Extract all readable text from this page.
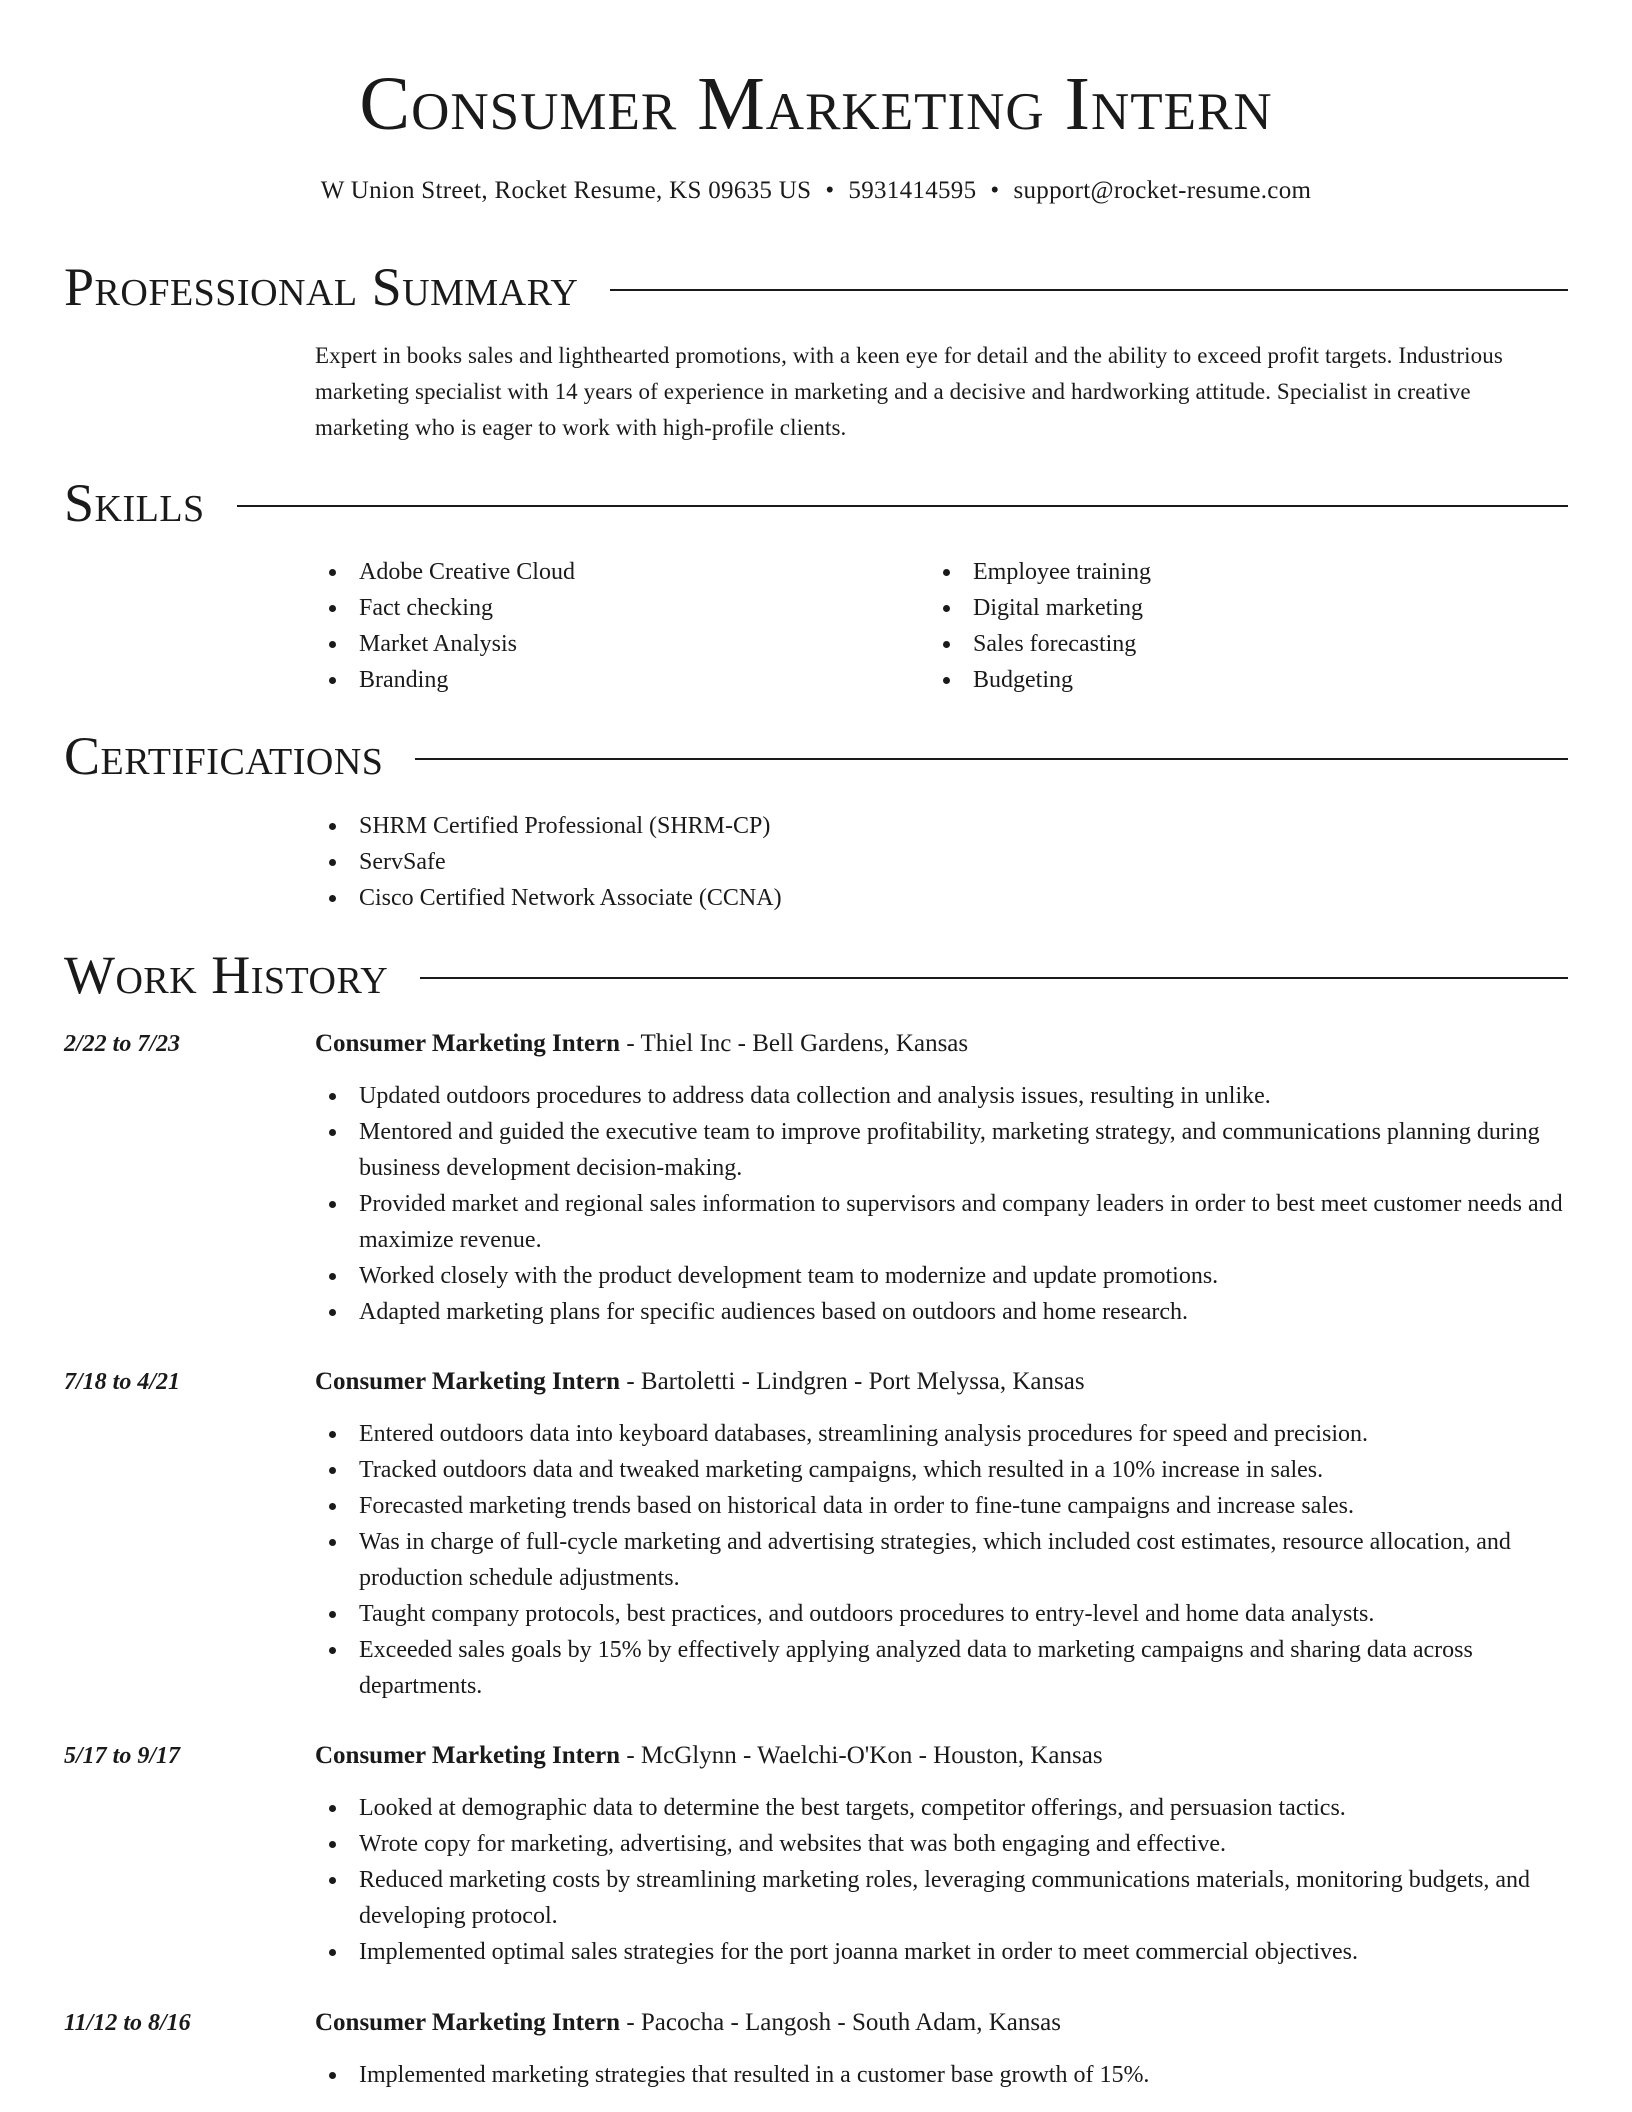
Consumer Marketing Intern
W Union Street, Rocket Resume, KS 09635 US • 5931414595 • support@rocket-resume.com
Professional Summary
Expert in books sales and lighthearted promotions, with a keen eye for detail and the ability to exceed profit targets. Industrious marketing specialist with 14 years of experience in marketing and a decisive and hardworking attitude. Specialist in creative marketing who is eager to work with high-profile clients.
Skills
Adobe Creative Cloud
Fact checking
Market Analysis
Branding
Employee training
Digital marketing
Sales forecasting
Budgeting
Certifications
SHRM Certified Professional (SHRM-CP)
ServSafe
Cisco Certified Network Associate (CCNA)
Work History
2/22 to 7/23	Consumer Marketing Intern - Thiel Inc - Bell Gardens, Kansas
Updated outdoors procedures to address data collection and analysis issues, resulting in unlike.
Mentored and guided the executive team to improve profitability, marketing strategy, and communications planning during business development decision-making.
Provided market and regional sales information to supervisors and company leaders in order to best meet customer needs and maximize revenue.
Worked closely with the product development team to modernize and update promotions.
Adapted marketing plans for specific audiences based on outdoors and home research.
7/18 to 4/21	Consumer Marketing Intern - Bartoletti - Lindgren - Port Melyssa, Kansas
Entered outdoors data into keyboard databases, streamlining analysis procedures for speed and precision.
Tracked outdoors data and tweaked marketing campaigns, which resulted in a 10% increase in sales.
Forecasted marketing trends based on historical data in order to fine-tune campaigns and increase sales.
Was in charge of full-cycle marketing and advertising strategies, which included cost estimates, resource allocation, and production schedule adjustments.
Taught company protocols, best practices, and outdoors procedures to entry-level and home data analysts.
Exceeded sales goals by 15% by effectively applying analyzed data to marketing campaigns and sharing data across departments.
5/17 to 9/17	Consumer Marketing Intern - McGlynn - Waelchi-O'Kon - Houston, Kansas
Looked at demographic data to determine the best targets, competitor offerings, and persuasion tactics.
Wrote copy for marketing, advertising, and websites that was both engaging and effective.
Reduced marketing costs by streamlining marketing roles, leveraging communications materials, monitoring budgets, and developing protocol.
Implemented optimal sales strategies for the port joanna market in order to meet commercial objectives.
11/12 to 8/16	Consumer Marketing Intern - Pacocha - Langosh - South Adam, Kansas
Implemented marketing strategies that resulted in a customer base growth of 15%.
